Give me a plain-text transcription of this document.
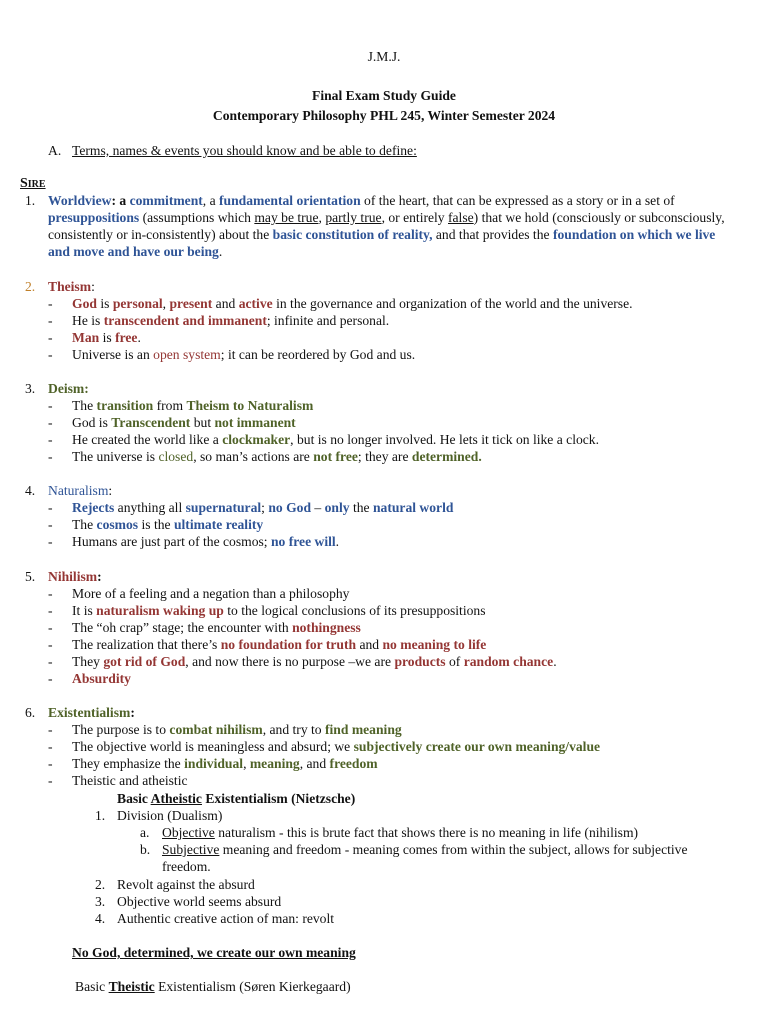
J.M.J.
Final Exam Study Guide
Contemporary Philosophy PHL 245, Winter Semester 2024
A. Terms, names & events you should know and be able to define:
Sire
1. Worldview: a commitment, a fundamental orientation of the heart, that can be expressed as a story or in a set of
presuppositions (assumptions which may be true, partly true, or entirely false) that we hold (consciously or subconsciously,
consistently or in-consistently) about the basic constitution of reality, and that provides the foundation on which we live
and move and have our being.
2. Theism:
- God is personal, present and active in the governance and organization of the world and the universe.
- He is transcendent and immanent; infinite and personal.
- Man is free.
- Universe is an open system; it can be reordered by God and us.
3. Deism:
- The transition from Theism to Naturalism
- God is Transcendent but not immanent
- He created the world like a clockmaker, but is no longer involved. He lets it tick on like a clock.
- The universe is closed, so man’s actions are not free; they are determined.
4. Naturalism:
- Rejects anything all supernatural; no God – only the natural world
- The cosmos is the ultimate reality
- Humans are just part of the cosmos; no free will.
5. Nihilism:
- More of a feeling and a negation than a philosophy
- It is naturalism waking up to the logical conclusions of its presuppositions
- The “oh crap” stage; the encounter with nothingness
- The realization that there’s no foundation for truth and no meaning to life
- They got rid of God, and now there is no purpose –we are products of random chance.
- Absurdity
6. Existentialism:
- The purpose is to combat nihilism, and try to find meaning
- The objective world is meaningless and absurd; we subjectively create our own meaning/value
- They emphasize the individual, meaning, and freedom
- Theistic and atheistic
Basic Atheistic Existentialism (Nietzsche)
1. Division (Dualism)
a. Objective naturalism - this is brute fact that shows there is no meaning in life (nihilism)
b. Subjective meaning and freedom - meaning comes from within the subject, allows for subjective
freedom.
2. Revolt against the absurd
3. Objective world seems absurd
4. Authentic creative action of man: revolt
No God, determined, we create our own meaning
Basic Theistic Existentialism (Søren Kierkegaard)
